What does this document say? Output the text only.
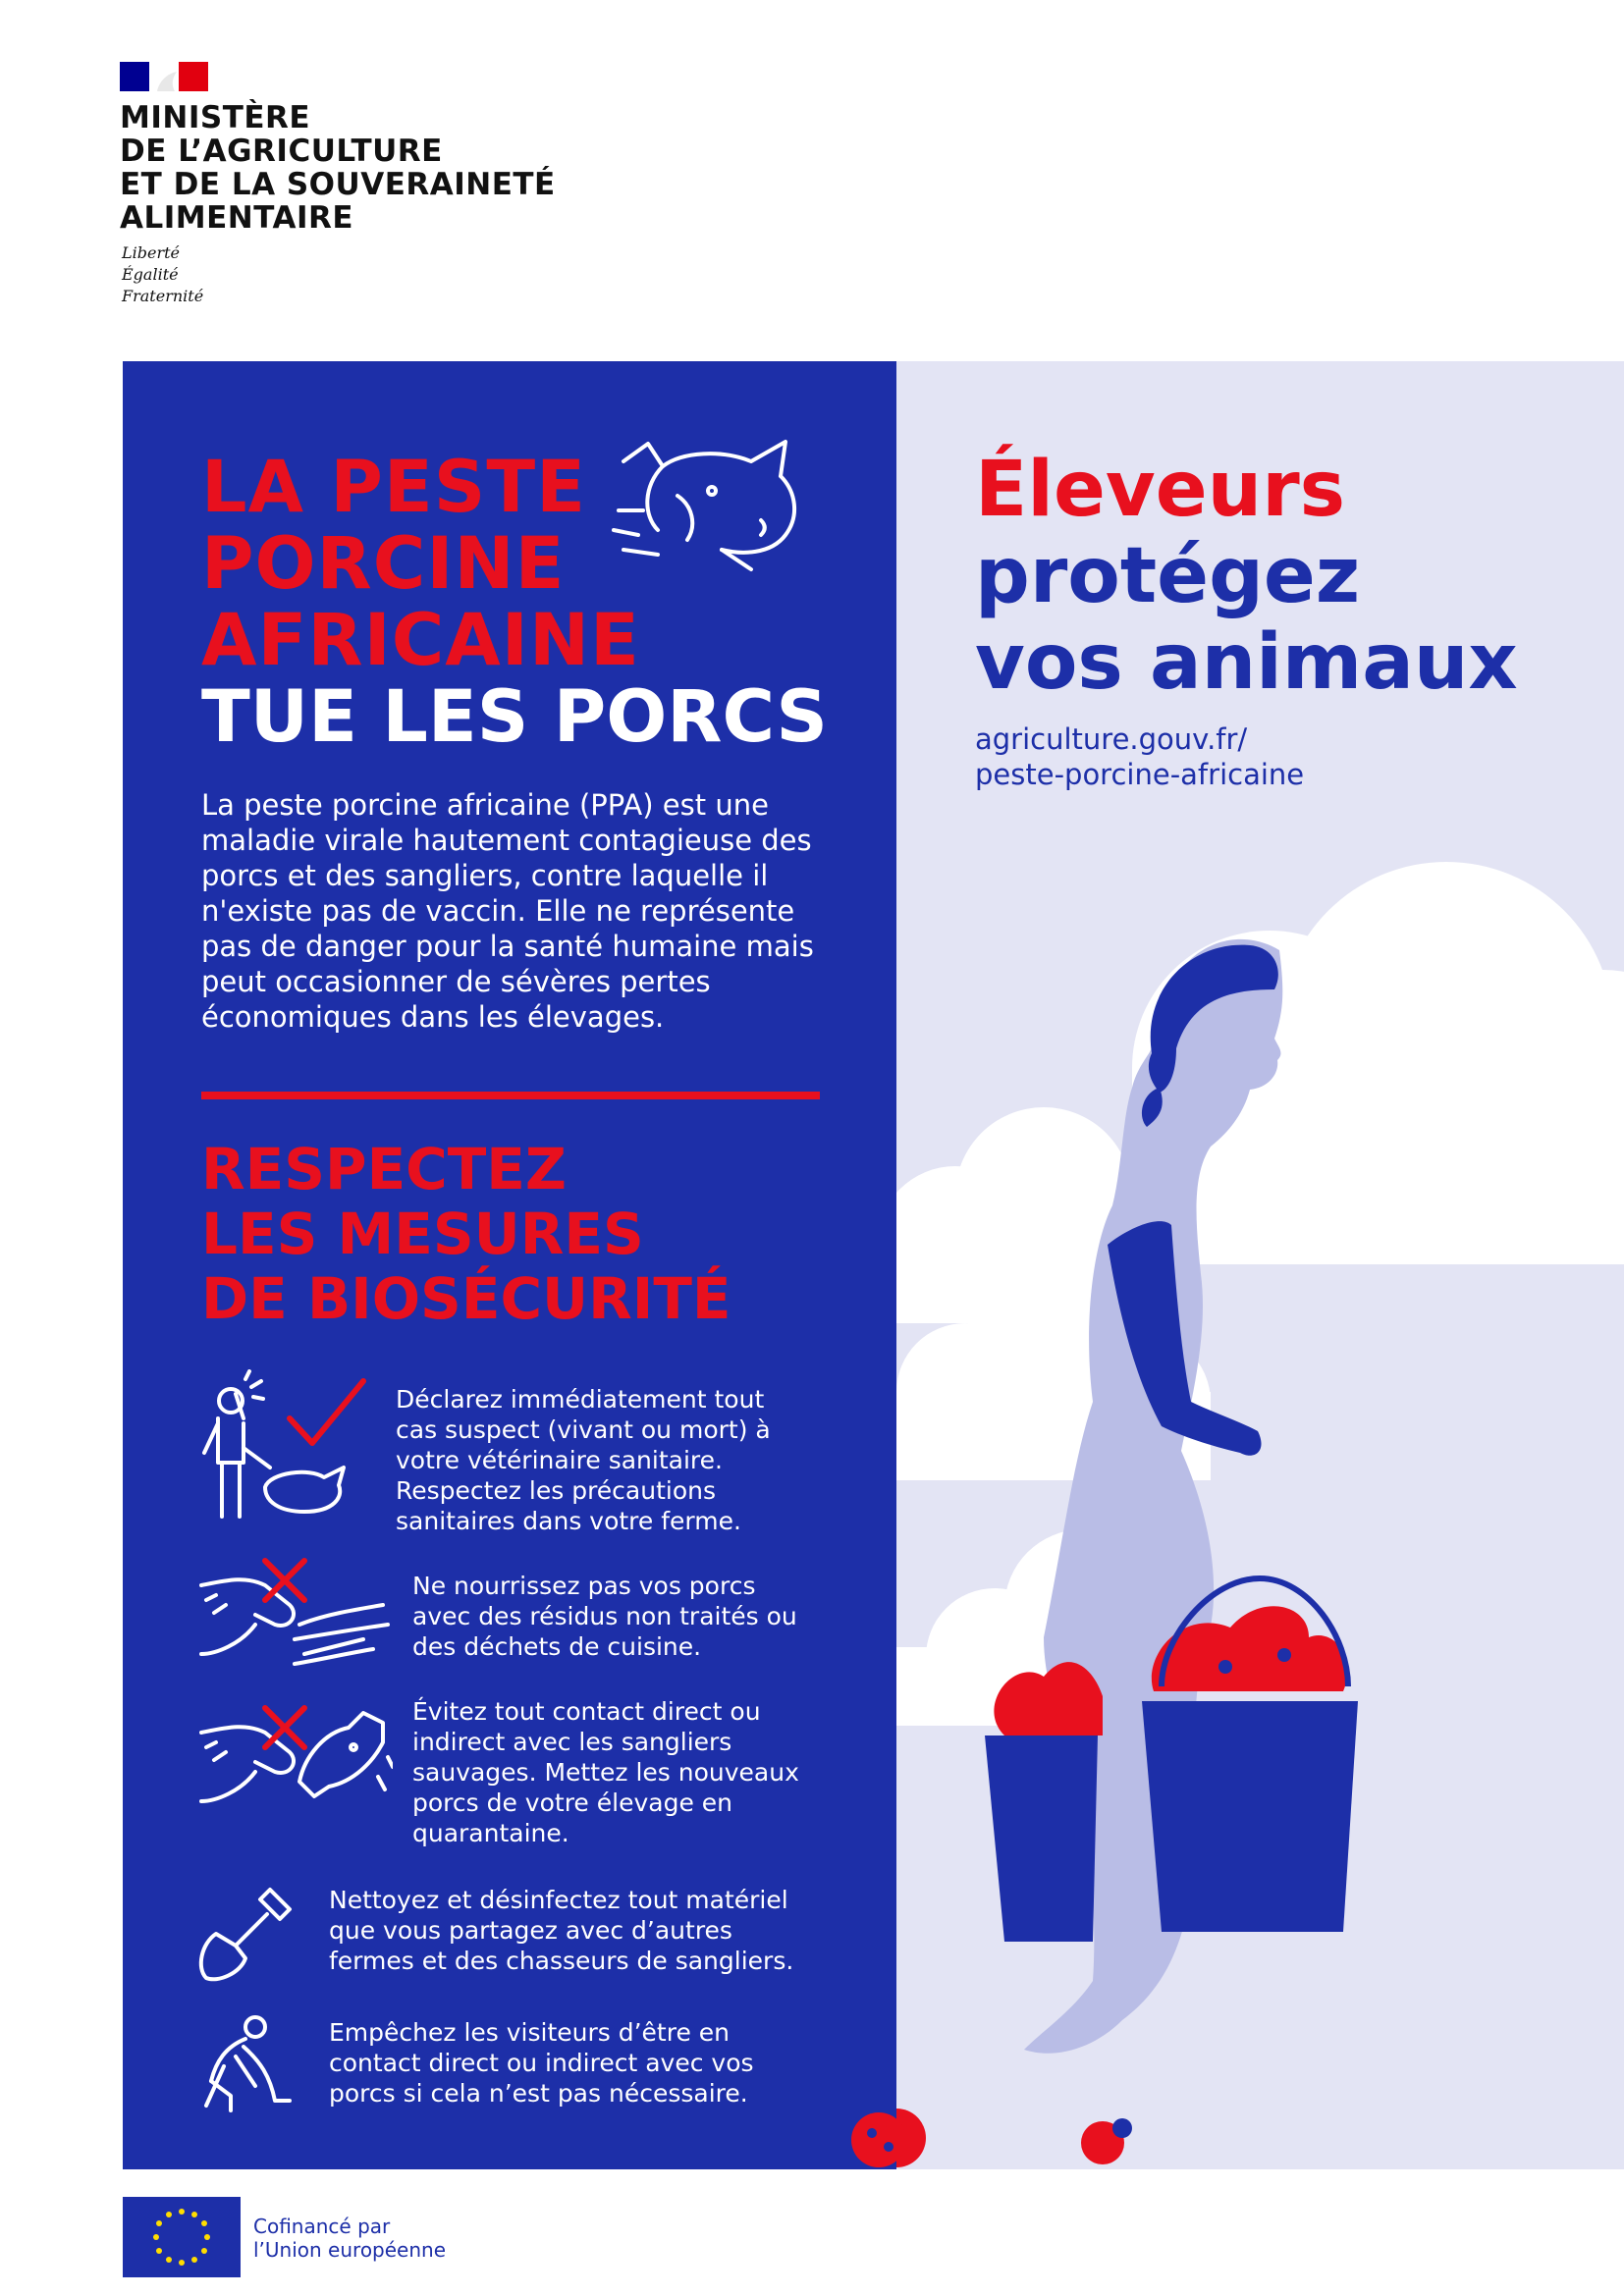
MINISTÈRE
DE L’AGRICULTURE
ET DE LA SOUVERAINETÉ
ALIMENTAIRE
Liberté
Égalité
Fraternité
LA PESTE
PORCINE
AFRICAINE
TUE LES PORCS
La peste porcine africaine (PPA) est une maladie virale hautement contagieuse des porcs et des sangliers, contre laquelle il n'existe pas de vaccin. Elle ne représente pas de danger pour la santé humaine mais peut occasionner de sévères pertes économiques dans les élevages.
RESPECTEZ
LES MESURES
DE BIOSÉCURITÉ
Déclarez immédiatement tout cas suspect (vivant ou mort) à votre vétérinaire sanitaire. Respectez les précautions sanitaires dans votre ferme.
Ne nourrissez pas vos porcs avec des résidus non traités ou des déchets de cuisine.
Évitez tout contact direct ou indirect avec les sangliers sauvages. Mettez les nouveaux porcs de votre élevage en quarantaine.
Nettoyez et désinfectez tout matériel que vous partagez avec d’autres fermes et des chasseurs de sangliers.
Empêchez les visiteurs d’être en contact direct ou indirect avec vos porcs si cela n’est pas nécessaire.
Éleveurs
protégez
vos animaux
agriculture.gouv.fr/
peste-porcine-africaine
Cofinancé par
l’Union européenne
